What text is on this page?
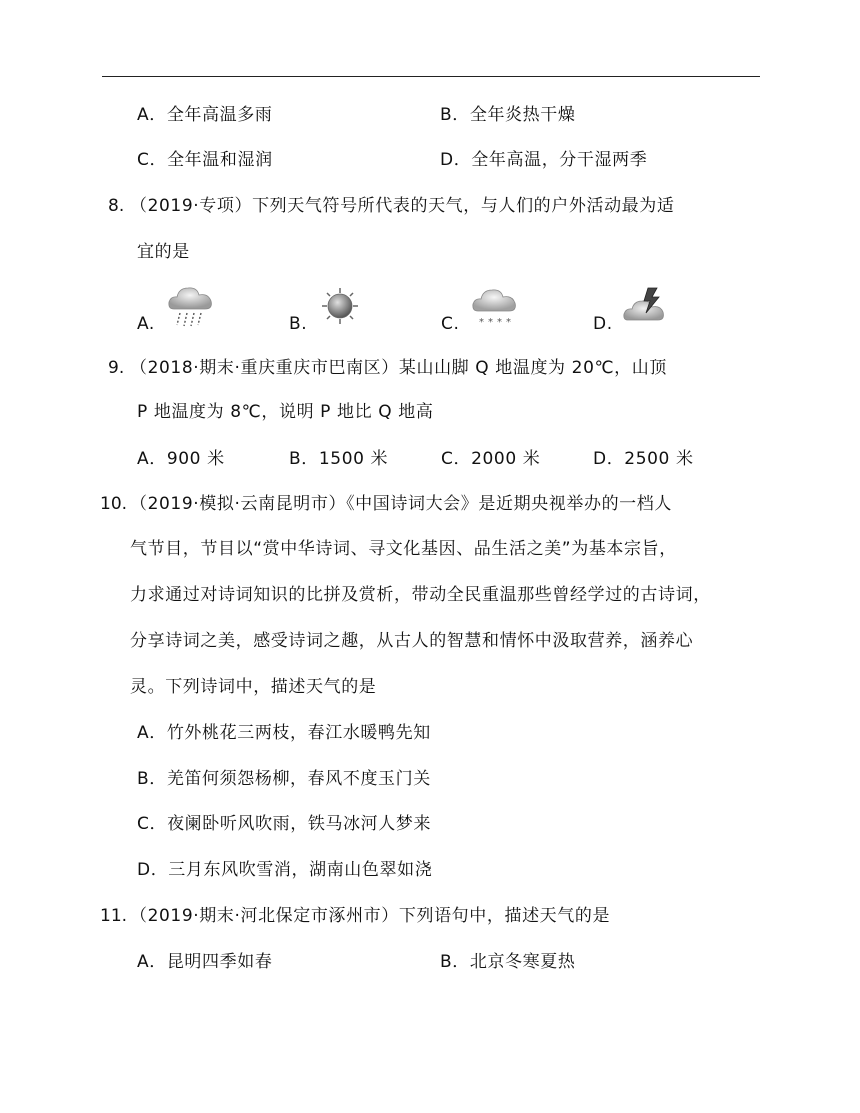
A．全年高温多雨	B．全年炎热干燥
C．全年温和湿润	D．全年高温，分干湿两季
8. （2019·专项）下列天气符号所代表的天气，与人们的户外活动最为适
宜的是
A.	B.	C. * * * *	D.
9. （2018·期末·重庆重庆市巴南区）某山山脚 Q 地温度为 20℃，山顶
P 地温度为 8℃，说明 P 地比 Q 地高
A．900 米	B．1500 米	C．2000 米	D．2500 米
10. （2019·模拟·云南昆明市）《中国诗词大会》是近期央视举办的一档人
气节目，节目以“赏中华诗词、寻文化基因、品生活之美”为基本宗旨，
力求通过对诗词知识的比拼及赏析，带动全民重温那些曾经学过的古诗词，
分享诗词之美，感受诗词之趣，从古人的智慧和情怀中汲取营养，涵养心
灵。下列诗词中，描述天气的是
A．竹外桃花三两枝，春江水暖鸭先知
B．羌笛何须怨杨柳，春风不度玉门关
C．夜阑卧听风吹雨，铁马冰河人梦来
D．三月东风吹雪消，湖南山色翠如浇
11. （2019·期末·河北保定市涿州市）下列语句中，描述天气的是
A．昆明四季如春	B．北京冬寒夏热
